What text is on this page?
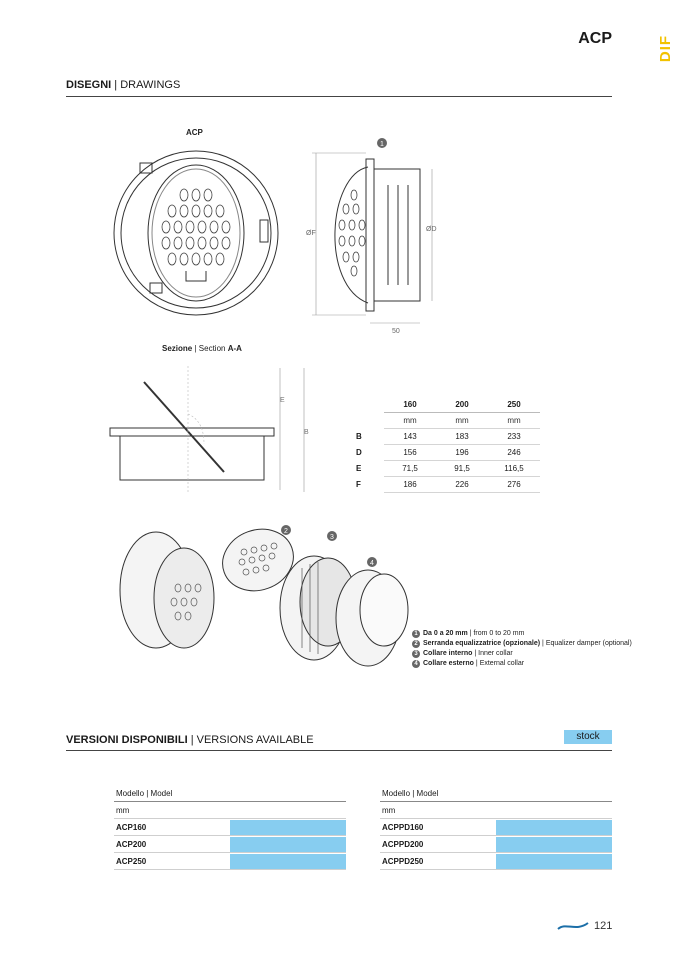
ACP	DIF
DISEGNI | DRAWINGS
ACP
1
ØF
ØD
50
Sezione | Section A-A
E
B
	160	200	250
	mm	mm	mm
B	143	183	233
D	156	196	246
E	71,5	91,5	116,5
F	186	226	276
2
3
4
1 Da 0 a 20 mm | from 0 to 20 mm
2 Serranda equalizzatrice (opzionale) | Equalizer damper (optional)
3 Collare interno | Inner collar
4 Collare esterno | External collar
VERSIONI DISPONIBILI | VERSIONS AVAILABLE	stock
Modello | Model
mm
ACP160
ACP200
ACP250
Modello | Model
mm
ACPPD160
ACPPD200
ACPPD250
121
